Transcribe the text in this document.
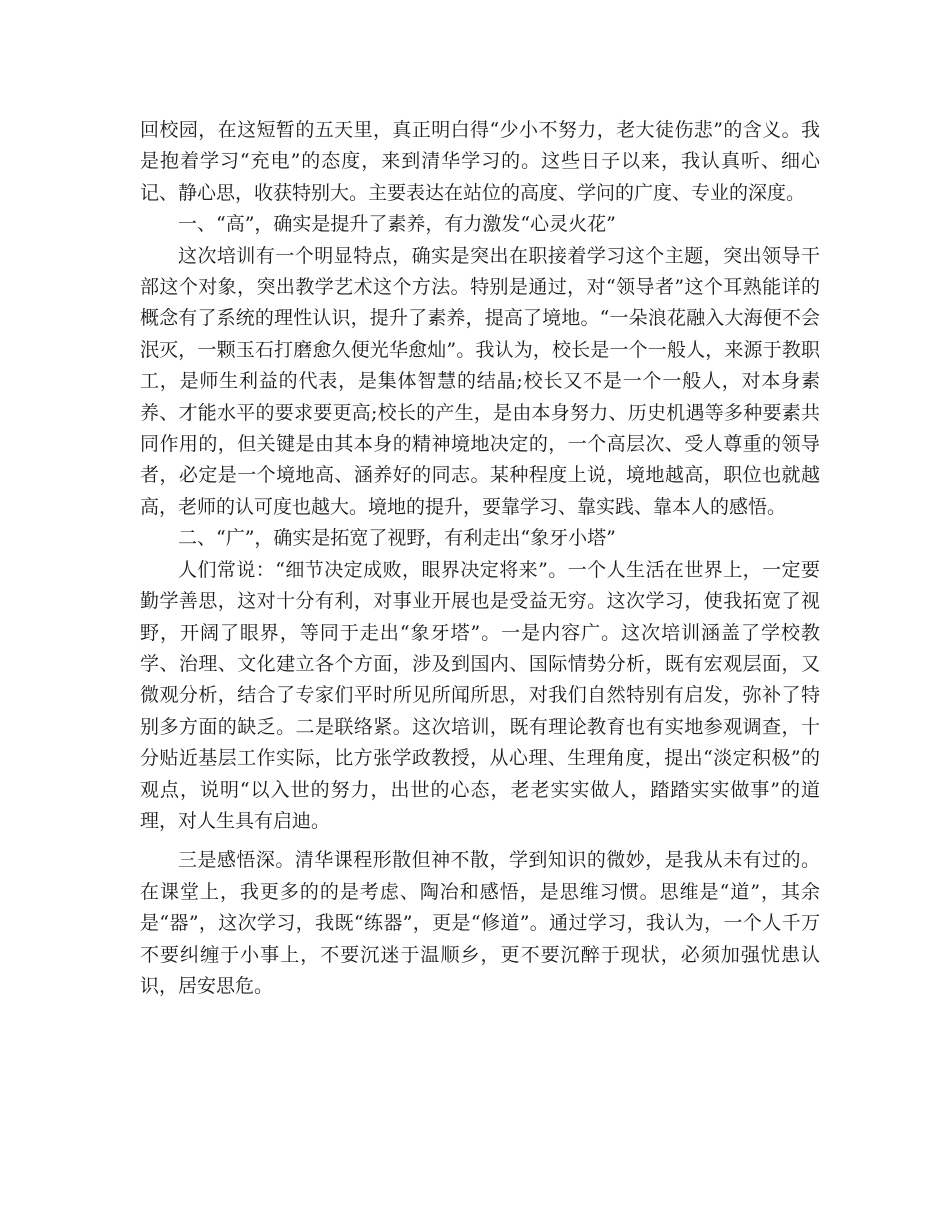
回校园，在这短暂的五天里，真正明白得“少小不努力，老大徒伤悲”的含义。我是抱着学习“充电”的态度，来到清华学习的。这些日子以来，我认真听、细心记、静心思，收获特别大。主要表达在站位的高度、学问的广度、专业的深度。

一、“高”，确实是提升了素养，有力激发“心灵火花”

这次培训有一个明显特点，确实是突出在职接着学习这个主题，突出领导干部这个对象，突出教学艺术这个方法。特别是通过，对“领导者”这个耳熟能详的概念有了系统的理性认识，提升了素养，提高了境地。“一朵浪花融入大海便不会泯灭，一颗玉石打磨愈久便光华愈灿”。我认为，校长是一个一般人，来源于教职工，是师生利益的代表，是集体智慧的结晶;校长又不是一个一般人，对本身素养、才能水平的要求要更高;校长的产生，是由本身努力、历史机遇等多种要素共同作用的，但关键是由其本身的精神境地决定的，一个高层次、受人尊重的领导者，必定是一个境地高、涵养好的同志。某种程度上说，境地越高，职位也就越高，老师的认可度也越大。境地的提升，要靠学习、靠实践、靠本人的感悟。

二、“广”，确实是拓宽了视野，有利走出“象牙小塔”

人们常说：“细节决定成败，眼界决定将来”。一个人生活在世界上，一定要勤学善思，这对十分有利，对事业开展也是受益无穷。这次学习，使我拓宽了视野，开阔了眼界，等同于走出“象牙塔”。一是内容广。这次培训涵盖了学校教学、治理、文化建立各个方面，涉及到国内、国际情势分析，既有宏观层面，又微观分析，结合了专家们平时所见所闻所思，对我们自然特别有启发，弥补了特别多方面的缺乏。二是联络紧。这次培训，既有理论教育也有实地参观调查，十分贴近基层工作实际，比方张学政教授，从心理、生理角度，提出“淡定积极”的观点，说明“以入世的努力，出世的心态，老老实实做人，踏踏实实做事”的道理，对人生具有启迪。

三是感悟深。清华课程形散但神不散，学到知识的微妙，是我从未有过的。在课堂上，我更多的的是考虑、陶冶和感悟，是思维习惯。思维是“道”，其余是“器”，这次学习，我既“练器”，更是“修道”。通过学习，我认为，一个人千万不要纠缠于小事上，不要沉迷于温顺乡，更不要沉醉于现状，必须加强忧患认识，居安思危。
